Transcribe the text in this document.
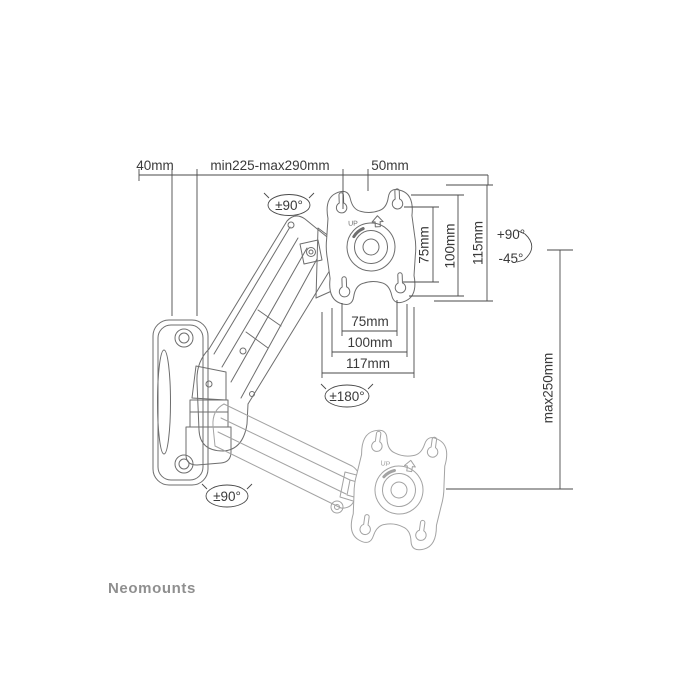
40mm	min225-max290mm	50mm
75mm 100mm 115mm
75mm
100mm
117mm	max250mm
+90°
-45°
±90°
±180°
±90°
Neomounts
